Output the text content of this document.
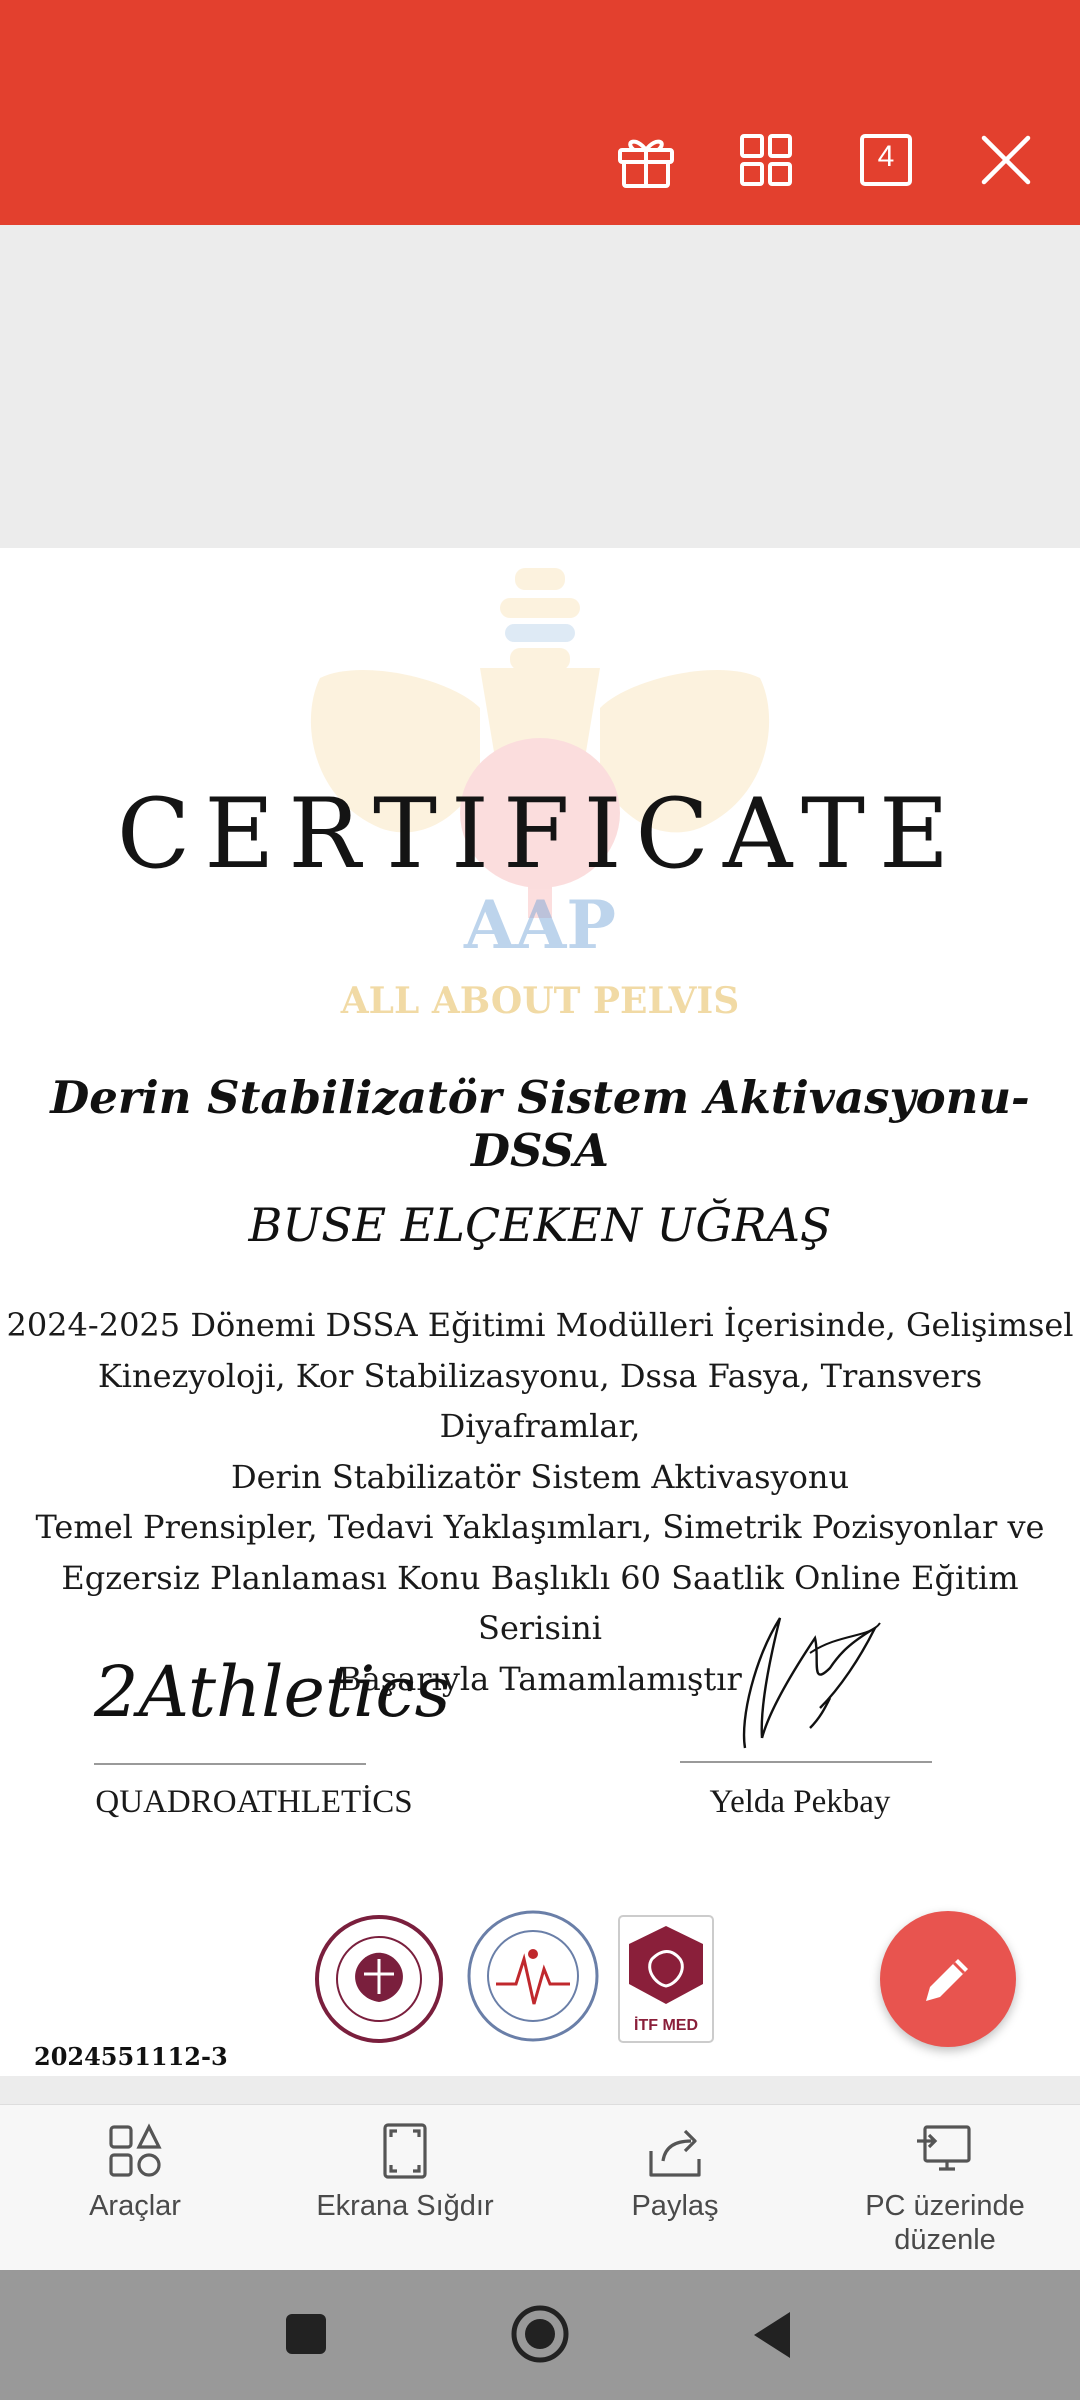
4
AAP
ALL ABOUT PELVIS
CERTIFICATE
Derin Stabilizatör Sistem Aktivasyonu- DSSA
BUSE ELÇEKEN UĞRAŞ
2024-2025 Dönemi DSSA Eğitimi Modülleri İçerisinde, Gelişimsel
Kinezyoloji, Kor Stabilizasyonu, Dssa Fasya, Transvers Diyaframlar,
Derin Stabilizatör Sistem Aktivasyonu
Temel Prensipler, Tedavi Yaklaşımları, Simetrik Pozisyonlar ve
Egzersiz Planlaması Konu Başlıklı 60 Saatlik Online Eğitim Serisini
Başarıyla Tamamlamıştır
2Athletics
QUADROATHLETİCS	Yelda Pekbay
İTF MED
2024551112-3
Araçlar	Ekrana Sığdır	Paylaş	PC üzerinde düzenle
